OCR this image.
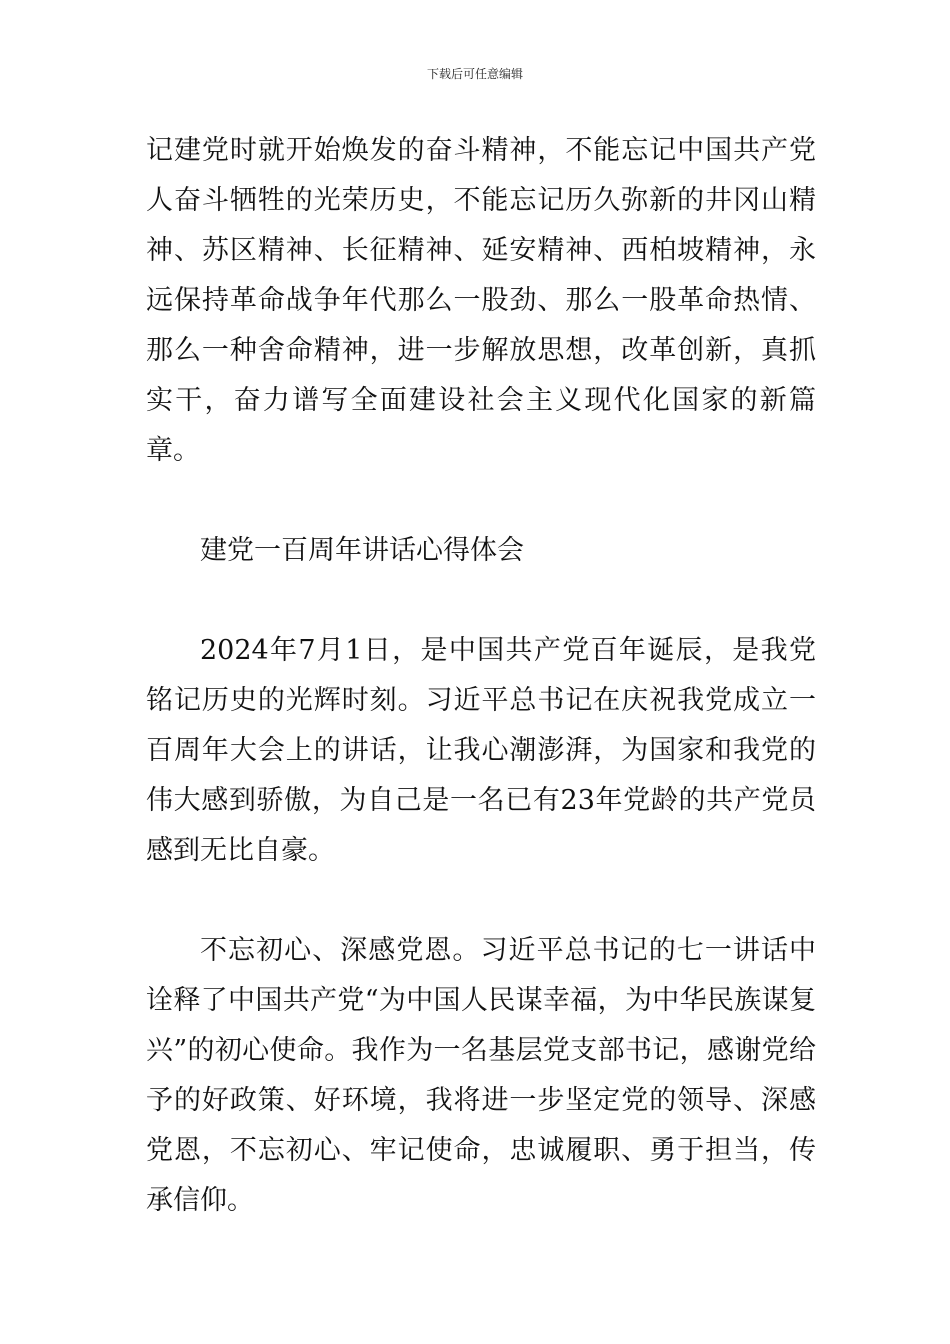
下载后可任意编辑

记建党时就开始焕发的奋斗精神，不能忘记中国共产党人奋斗牺牲的光荣历史，不能忘记历久弥新的井冈山精神、苏区精神、长征精神、延安精神、西柏坡精神，永远保持革命战争年代那么一股劲、那么一股革命热情、那么一种舍命精神，进一步解放思想，改革创新，真抓实干，奋力谱写全面建设社会主义现代化国家的新篇章。

建党一百周年讲话心得体会

2024年7月1日，是中国共产党百年诞辰，是我党铭记历史的光辉时刻。习近平总书记在庆祝我党成立一百周年大会上的讲话，让我心潮澎湃，为国家和我党的伟大感到骄傲，为自己是一名已有23年党龄的共产党员感到无比自豪。

不忘初心、深感党恩。习近平总书记的七一讲话中诠释了中国共产党“为中国人民谋幸福，为中华民族谋复兴”的初心使命。我作为一名基层党支部书记，感谢党给予的好政策、好环境，我将进一步坚定党的领导、深感党恩，不忘初心、牢记使命，忠诚履职、勇于担当，传承信仰。
